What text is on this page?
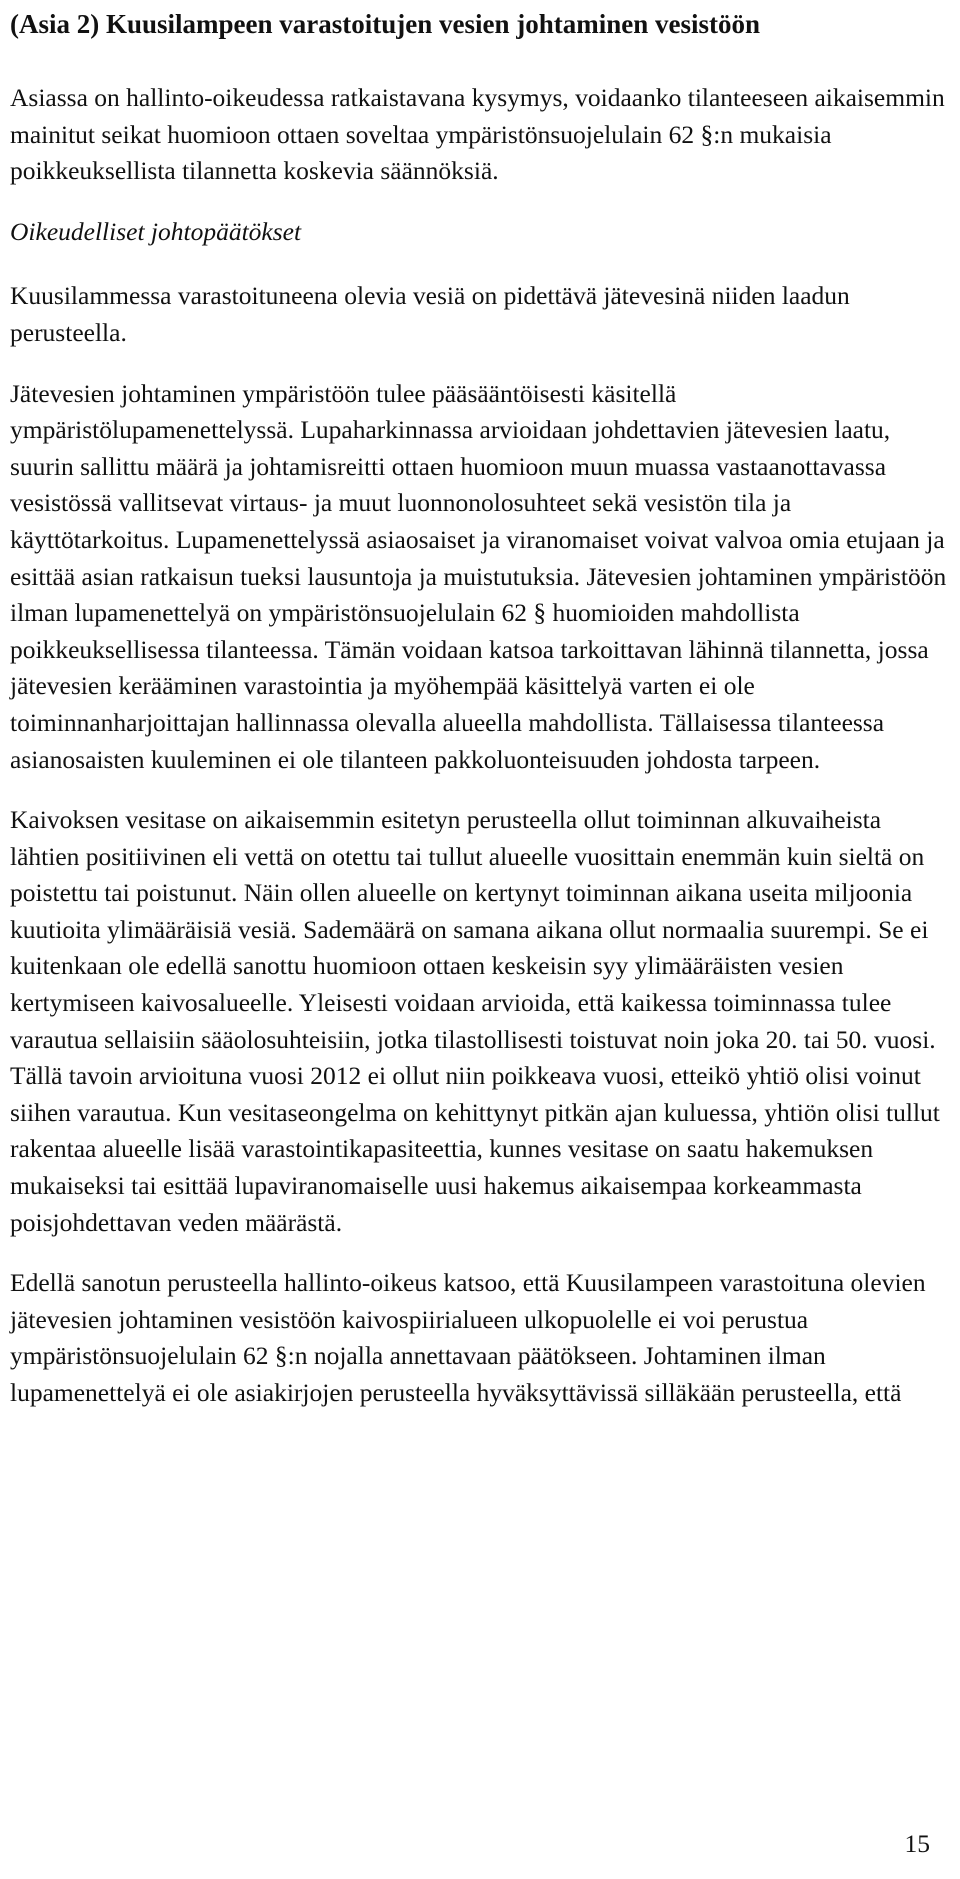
(Asia 2) Kuusilampeen varastoitujen vesien johtaminen vesistöön

Asiassa on hallinto-oikeudessa ratkaistavana kysymys, voidaanko tilanteeseen aikaisemmin mainitut seikat huomioon ottaen soveltaa ympäristönsuojelulain 62 §:n mukaisia poikkeuksellista tilannetta koskevia säännöksiä.

Oikeudelliset johtopäätökset

Kuusilammessa varastoituneena olevia vesiä on pidettävä jätevesinä niiden laadun perusteella.

Jätevesien johtaminen ympäristöön tulee pääsääntöisesti käsitellä ympäristölupamenettelyssä. Lupaharkinnassa arvioidaan johdettavien jätevesien laatu, suurin sallittu määrä ja johtamisreitti ottaen huomioon muun muassa vastaanottavassa vesistössä vallitsevat virtaus- ja muut luonnonolosuhteet sekä vesistön tila ja käyttötarkoitus. Lupamenettelyssä asiaosaiset ja viranomaiset voivat valvoa omia etujaan ja esittää asian ratkaisun tueksi lausuntoja ja muistutuksia. Jätevesien johtaminen ympäristöön ilman lupamenettelyä on ympäristönsuojelulain 62 § huomioiden mahdollista poikkeuksellisessa tilanteessa. Tämän voidaan katsoa tarkoittavan lähinnä tilannetta, jossa jätevesien kerääminen varastointia ja myöhempää käsittelyä varten ei ole toiminnanharjoittajan hallinnassa olevalla alueella mahdollista. Tällaisessa tilanteessa asianosaisten kuuleminen ei ole tilanteen pakkoluonteisuuden johdosta tarpeen.

Kaivoksen vesitase on aikaisemmin esitetyn perusteella ollut toiminnan alkuvaiheista lähtien positiivinen eli vettä on otettu tai tullut alueelle vuosittain enemmän kuin sieltä on poistettu tai poistunut. Näin ollen alueelle on kertynyt toiminnan aikana useita miljoonia kuutioita ylimääräisiä vesiä. Sademäärä on samana aikana ollut normaalia suurempi. Se ei kuitenkaan ole edellä sanottu huomioon ottaen keskeisin syy ylimääräisten vesien kertymiseen kaivosalueelle. Yleisesti voidaan arvioida, että kaikessa toiminnassa tulee varautua sellaisiin sääolosuhteisiin, jotka tilastollisesti toistuvat noin joka 20. tai 50. vuosi. Tällä tavoin arvioituna vuosi 2012 ei ollut niin poikkeava vuosi, etteikö yhtiö olisi voinut siihen varautua. Kun vesitaseongelma on kehittynyt pitkän ajan kuluessa, yhtiön olisi tullut rakentaa alueelle lisää varastointikapasiteettia, kunnes vesitase on saatu hakemuksen mukaiseksi tai esittää lupaviranomaiselle uusi hakemus aikaisempaa korkeammasta poisjohdettavan veden määrästä.

Edellä sanotun perusteella hallinto-oikeus katsoo, että Kuusilampeen varastoituna olevien jätevesien johtaminen vesistöön kaivospiirialueen ulkopuolelle ei voi perustua ympäristönsuojelulain 62 §:n nojalla annettavaan päätökseen. Johtaminen ilman lupamenettelyä ei ole asiakirjojen perusteella hyväksyttävissä silläkään perusteella, että

15
